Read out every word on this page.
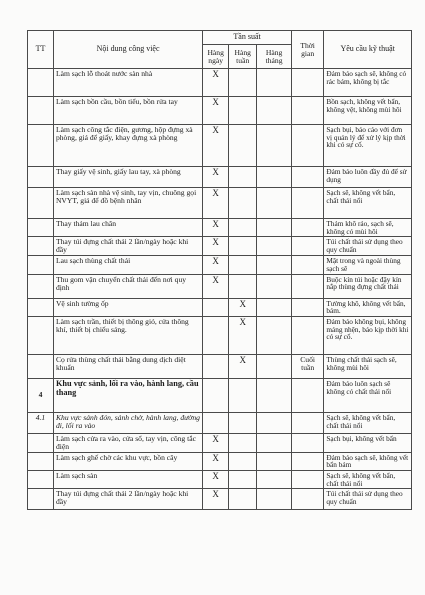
TT	Nội dung công việc	Tần suất			Thời gian	Yêu cầu kỹ thuật
		Hàng ngày	Hàng tuần	Hàng tháng		
	Làm sạch lỗ thoát nước sàn nhà	X				Đảm bảo sạch sẽ, không có rác bám, không bị tắc
	Làm sạch bồn cầu, bồn tiểu, bồn rửa tay	X				Bồn sạch, không vết bẩn, không vệt, không mùi hôi
	Làm sạch công tắc điện, gương, hộp đựng xà phòng, giá để giấy, khay đựng xà phòng	X				Sạch bụi, báo cáo với đơn vị quản lý để xử lý kịp thời khi có sự cố.
	Thay giấy vệ sinh, giấy lau tay, xà phòng	X				Đảm bảo luôn đầy đủ để sử dụng
	Làm sạch sàn nhà vệ sinh, tay vịn, chuông gọi NVYT, giá để đồ bệnh nhân	X				Sạch sẽ, không vết bẩn, chất thải nổi
	Thay thảm lau chân	X				Thảm khô ráo, sạch sẽ, không có mùi hôi
	Thay túi đựng chất thải 2 lần/ngày hoặc khi đầy	X				Túi chất thải sử dụng theo quy chuẩn
	Lau sạch thùng chất thải	X				Mặt trong và ngoài thùng sạch sẽ
	Thu gom vận chuyển chất thải đến nơi quy định	X				Buộc kín túi hoặc đậy kín nắp thùng đựng chất thải
	Vệ sinh tường ốp		X			Tường khô, không vết bẩn, bám.
	Làm sạch trần, thiết bị thông gió, cửa thông khí, thiết bị chiếu sáng.		X			Đảm bảo không bụi, không mảng nhện, báo kịp thời khi có sự cố.
	Cọ rửa thùng chất thải bằng dung dịch diệt khuẩn		X		Cuối tuần	Thùng chất thải sạch sẽ, không mùi hôi
4	Khu vực sảnh, lối ra vào, hành lang, cầu thang					Đảm bảo luôn sạch sẽ không có chất thải nổi
4.1	Khu vực sảnh đón, sảnh chờ, hành lang, đường đi, lối ra vào					Sạch sẽ, không vết bẩn, chất thải nổi
	Làm sạch cửa ra vào, cửa sổ, tay vịn, công tắc điện	X				Sạch bụi, không vết bẩn
	Làm sạch ghế chờ các khu vực, bồn cây	X				Đảm bảo sạch sẽ, không vết bẩn bám
	Làm sạch sàn	X				Sạch sẽ, không vết bẩn, chất thải nổi
	Thay túi đựng chất thải 2 lần/ngày hoặc khi đầy	X				Túi chất thải sử dụng theo quy chuẩn
